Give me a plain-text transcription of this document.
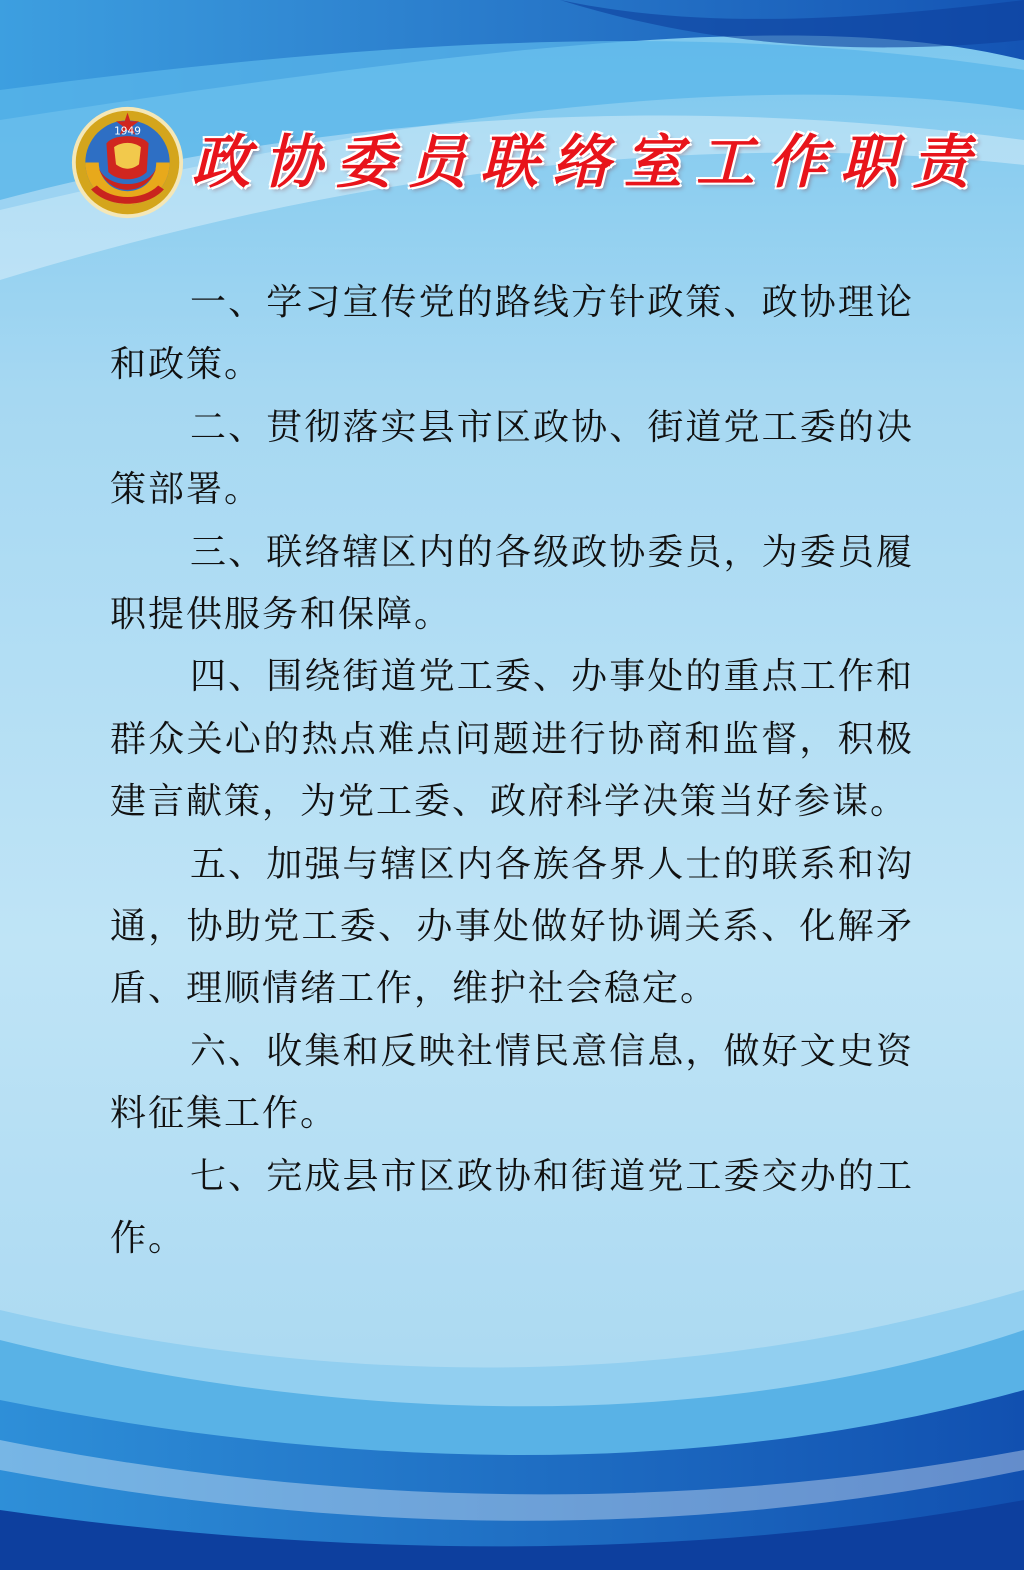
1949 政协委员联络室工作职责

一、学习宣传党的路线方针政策、政协理论和政策。

二、贯彻落实县市区政协、街道党工委的决策部署。

三、联络辖区内的各级政协委员，为委员履职提供服务和保障。

四、围绕街道党工委、办事处的重点工作和群众关心的热点难点问题进行协商和监督，积极建言献策，为党工委、政府科学决策当好参谋。

五、加强与辖区内各族各界人士的联系和沟通，协助党工委、办事处做好协调关系、化解矛盾、理顺情绪工作，维护社会稳定。

六、收集和反映社情民意信息，做好文史资料征集工作。

七、完成县市区政协和街道党工委交办的工作。
